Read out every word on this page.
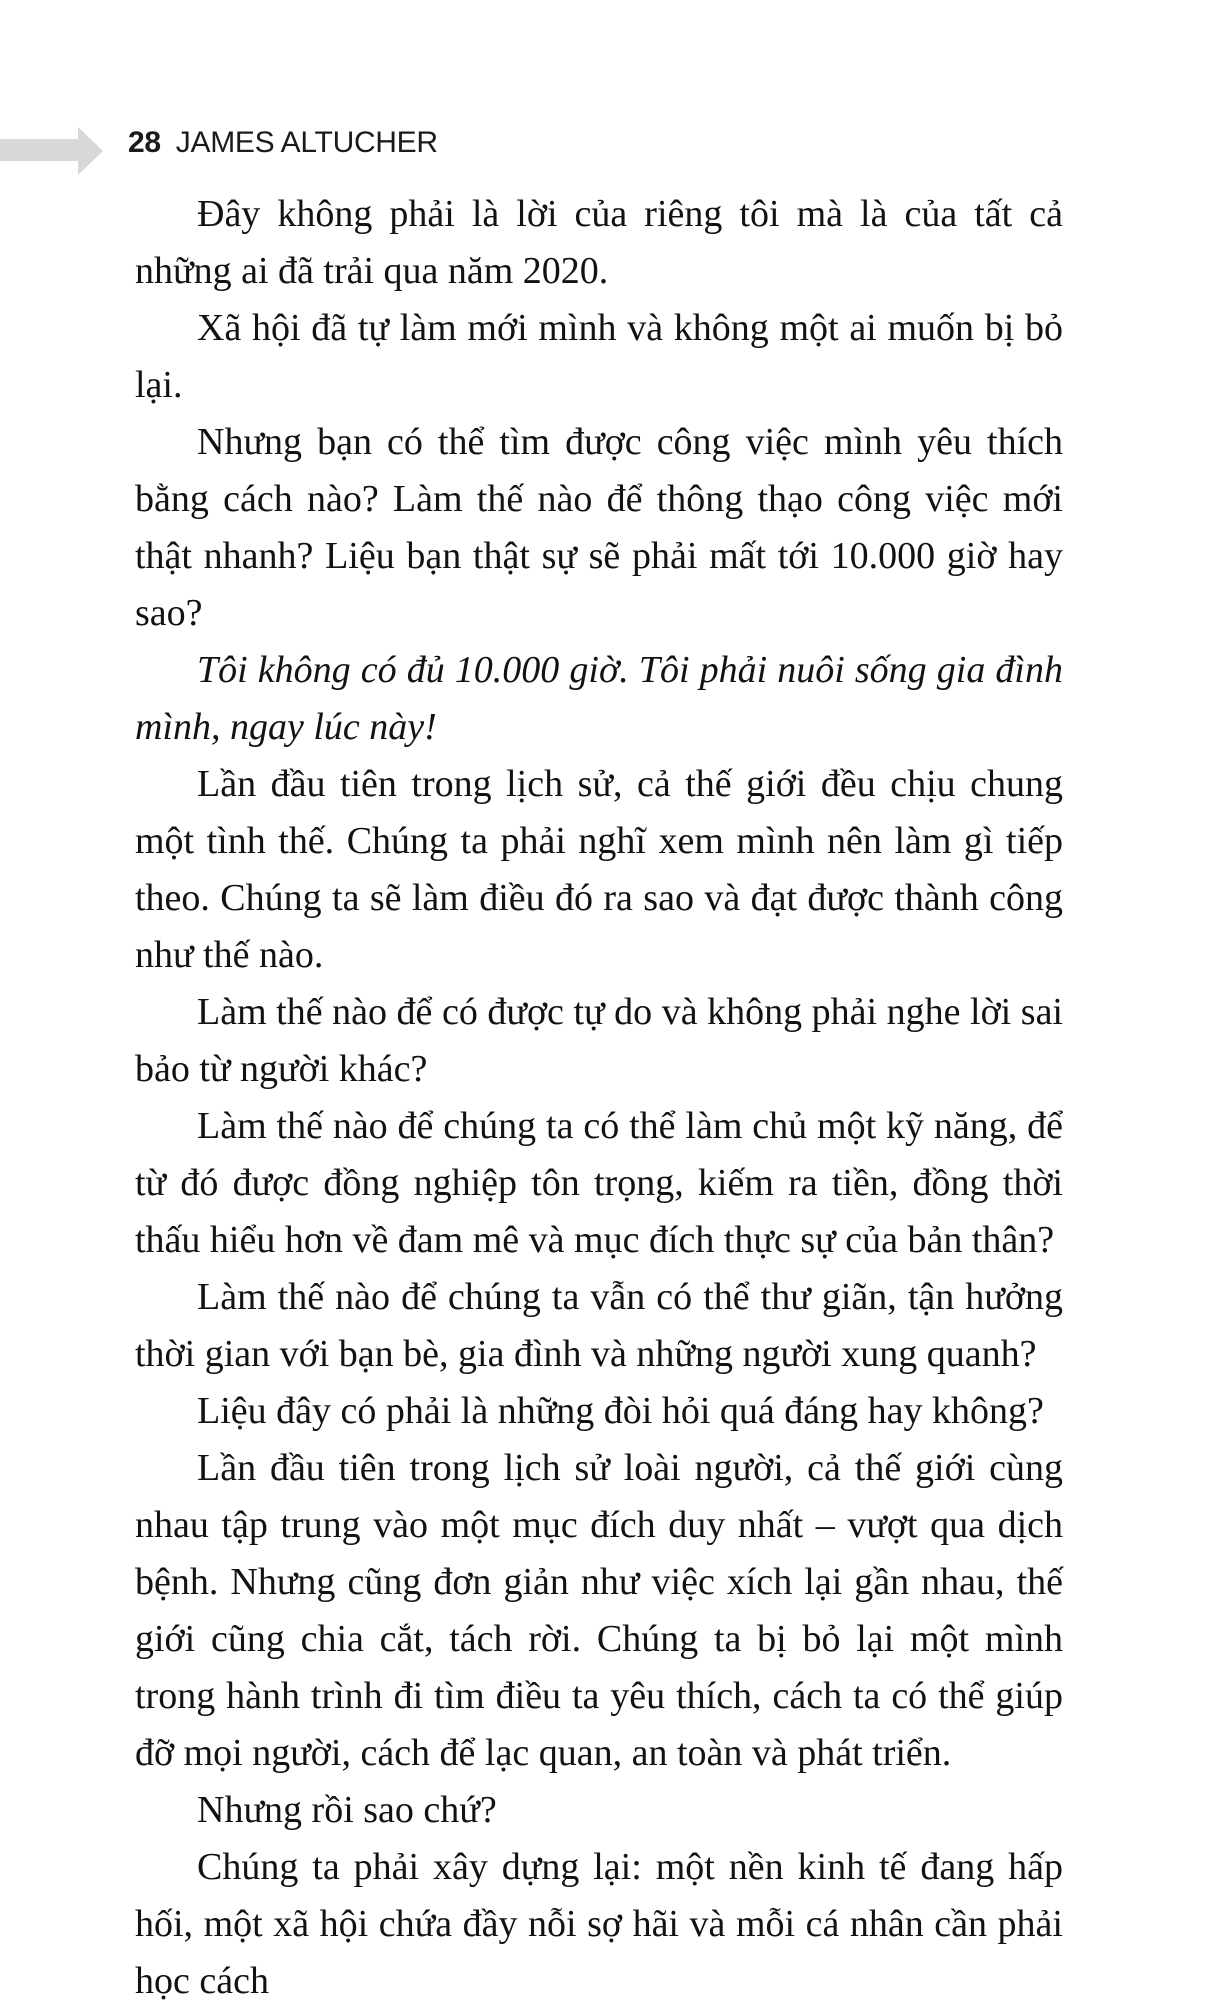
28 JAMES ALTUCHER

Đây không phải là lời của riêng tôi mà là của tất cả những ai đã trải qua năm 2020.

Xã hội đã tự làm mới mình và không một ai muốn bị bỏ lại.

Nhưng bạn có thể tìm được công việc mình yêu thích bằng cách nào? Làm thế nào để thông thạo công việc mới thật nhanh? Liệu bạn thật sự sẽ phải mất tới 10.000 giờ hay sao?

Tôi không có đủ 10.000 giờ. Tôi phải nuôi sống gia đình mình, ngay lúc này!

Lần đầu tiên trong lịch sử, cả thế giới đều chịu chung một tình thế. Chúng ta phải nghĩ xem mình nên làm gì tiếp theo. Chúng ta sẽ làm điều đó ra sao và đạt được thành công như thế nào.

Làm thế nào để có được tự do và không phải nghe lời sai bảo từ người khác?

Làm thế nào để chúng ta có thể làm chủ một kỹ năng, để từ đó được đồng nghiệp tôn trọng, kiếm ra tiền, đồng thời thấu hiểu hơn về đam mê và mục đích thực sự của bản thân?

Làm thế nào để chúng ta vẫn có thể thư giãn, tận hưởng thời gian với bạn bè, gia đình và những người xung quanh?

Liệu đây có phải là những đòi hỏi quá đáng hay không?

Lần đầu tiên trong lịch sử loài người, cả thế giới cùng nhau tập trung vào một mục đích duy nhất – vượt qua dịch bệnh. Nhưng cũng đơn giản như việc xích lại gần nhau, thế giới cũng chia cắt, tách rời. Chúng ta bị bỏ lại một mình trong hành trình đi tìm điều ta yêu thích, cách ta có thể giúp đỡ mọi người, cách để lạc quan, an toàn và phát triển.

Nhưng rồi sao chứ?

Chúng ta phải xây dựng lại: một nền kinh tế đang hấp hối, một xã hội chứa đầy nỗi sợ hãi và mỗi cá nhân cần phải học cách
